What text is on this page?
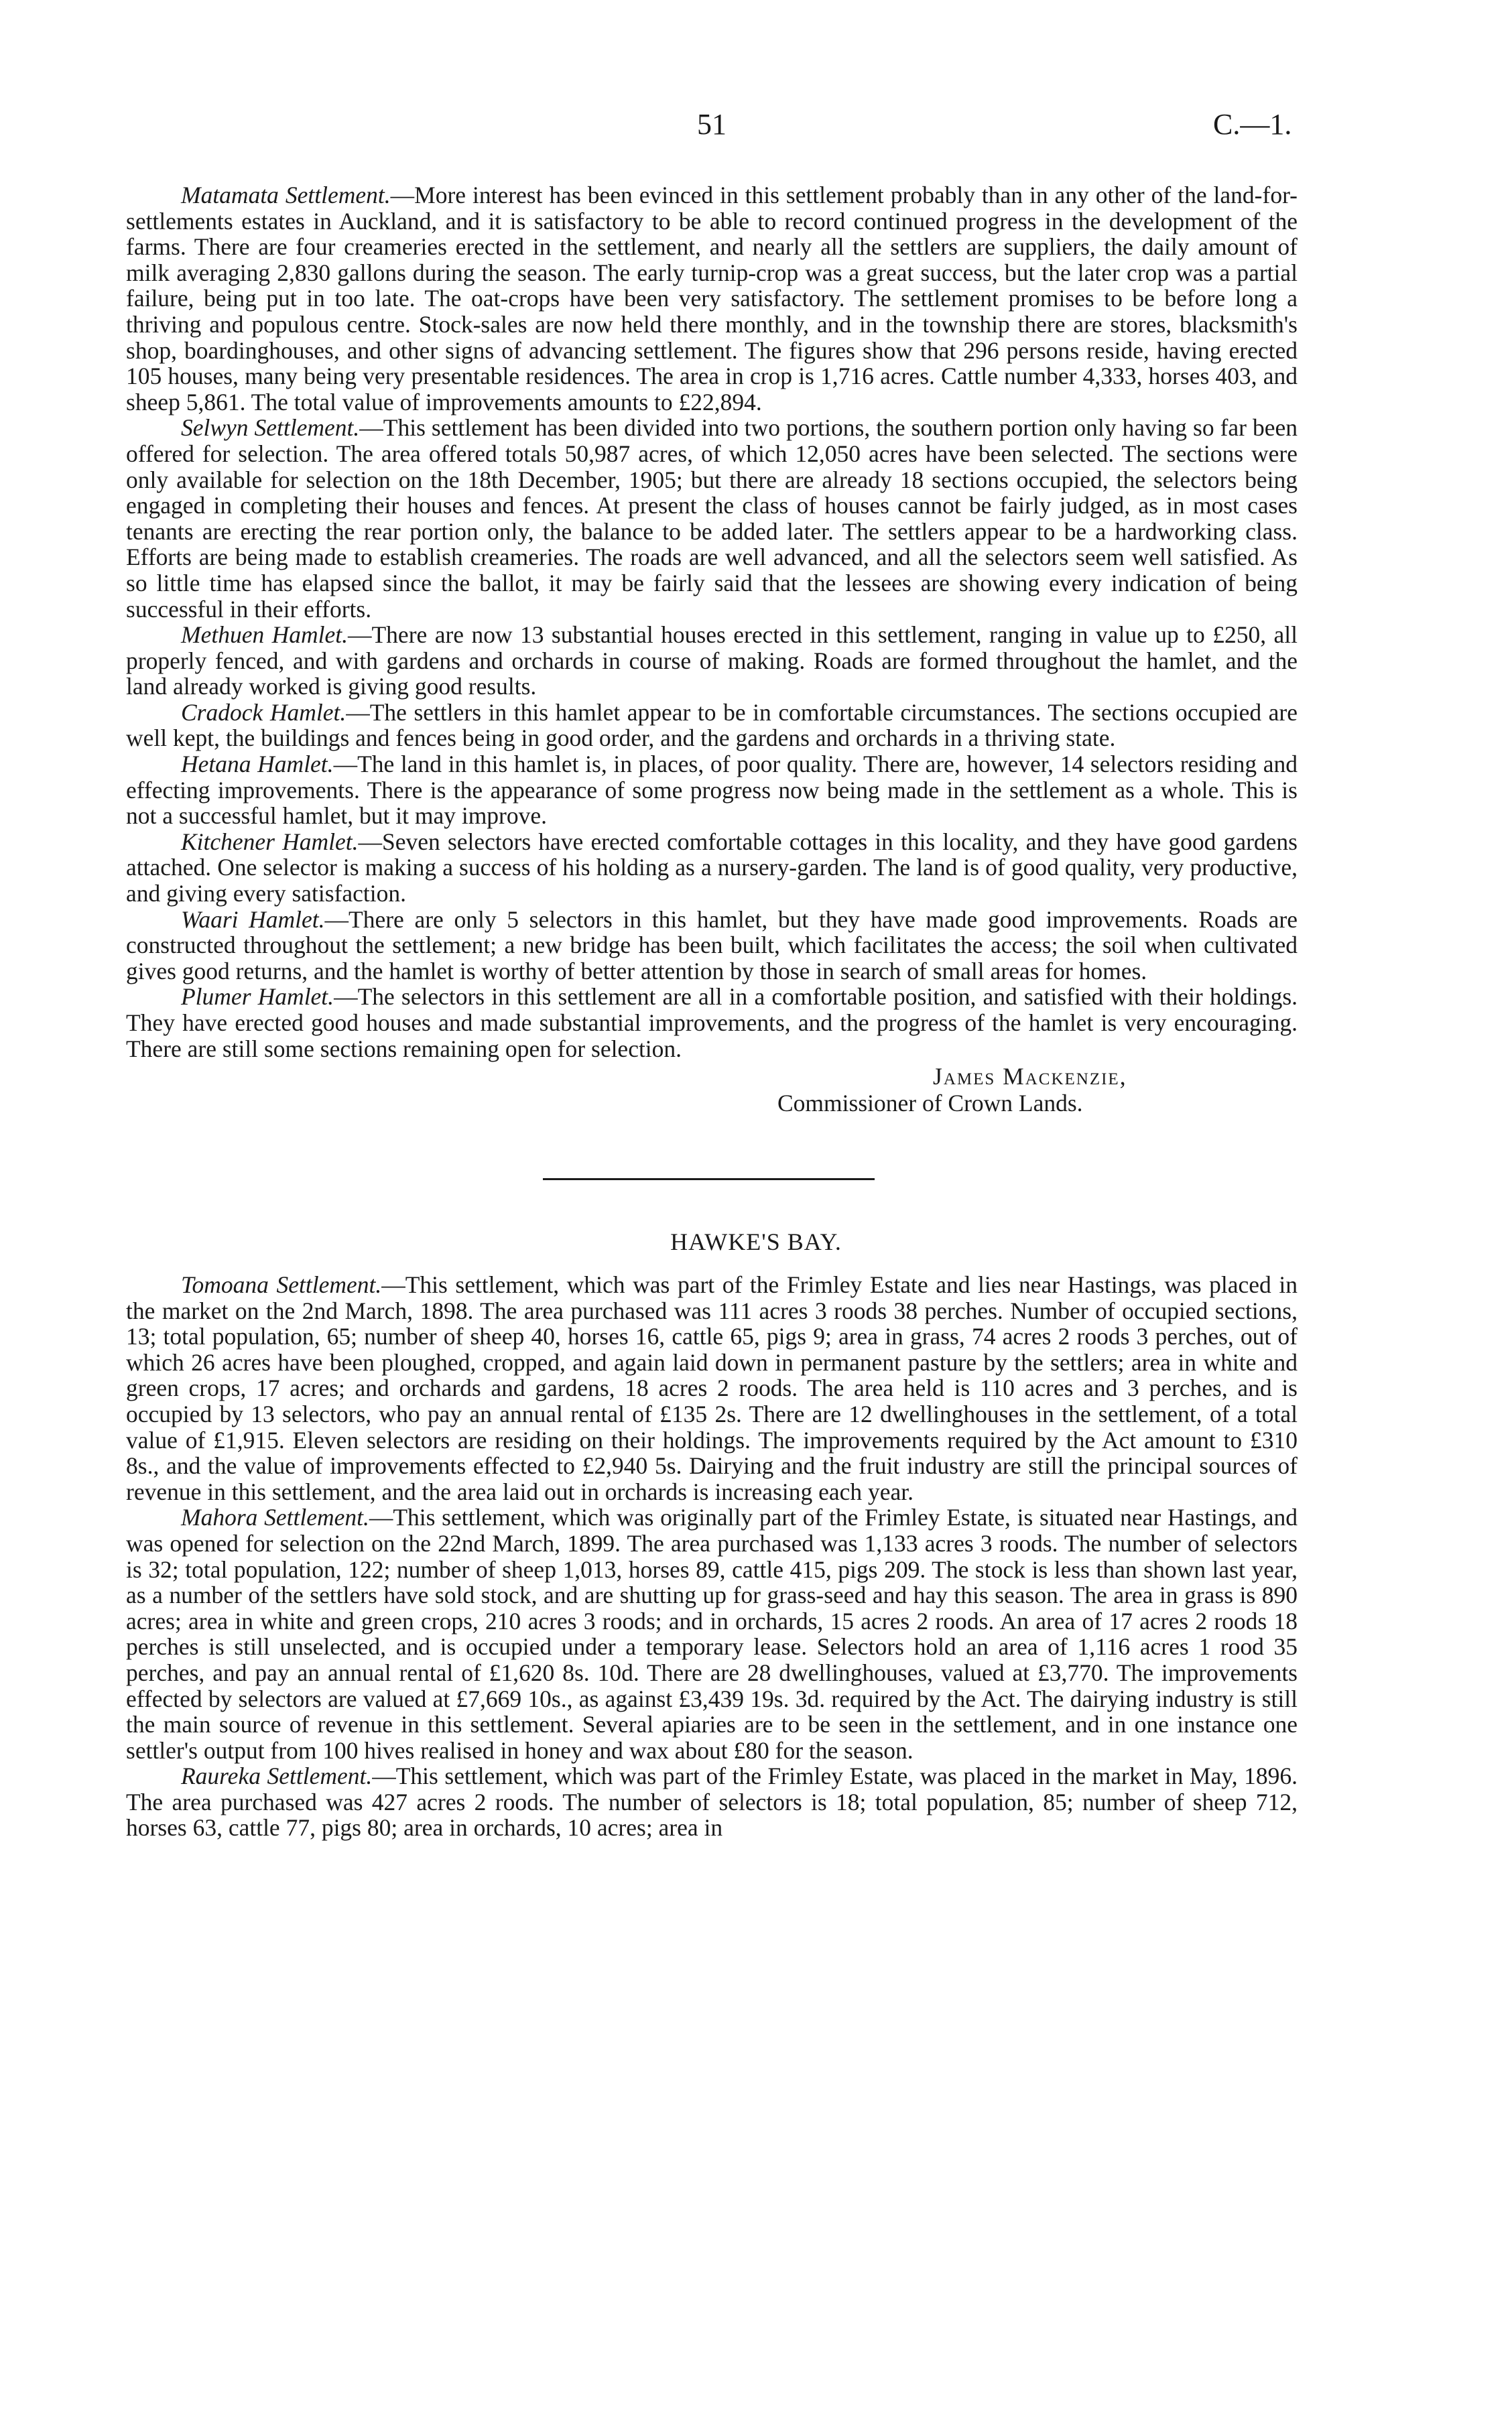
51	C.—1.

Matamata Settlement.—More interest has been evinced in this settlement probably than in any other of the land-for-settlements estates in Auckland, and it is satisfactory to be able to record continued progress in the development of the farms. There are four creameries erected in the settlement, and nearly all the settlers are suppliers, the daily amount of milk averaging 2,830 gallons during the season. The early turnip-crop was a great success, but the later crop was a partial failure, being put in too late. The oat-crops have been very satisfactory. The settlement promises to be before long a thriving and populous centre. Stock-sales are now held there monthly, and in the township there are stores, blacksmith's shop, boardinghouses, and other signs of advancing settlement. The figures show that 296 persons reside, having erected 105 houses, many being very presentable residences. The area in crop is 1,716 acres. Cattle number 4,333, horses 403, and sheep 5,861. The total value of improvements amounts to £22,894.

Selwyn Settlement.—This settlement has been divided into two portions, the southern portion only having so far been offered for selection. The area offered totals 50,987 acres, of which 12,050 acres have been selected. The sections were only available for selection on the 18th December, 1905; but there are already 18 sections occupied, the selectors being engaged in completing their houses and fences. At present the class of houses cannot be fairly judged, as in most cases tenants are erecting the rear portion only, the balance to be added later. The settlers appear to be a hardworking class. Efforts are being made to establish creameries. The roads are well advanced, and all the selectors seem well satisfied. As so little time has elapsed since the ballot, it may be fairly said that the lessees are showing every indication of being successful in their efforts.

Methuen Hamlet.—There are now 13 substantial houses erected in this settlement, ranging in value up to £250, all properly fenced, and with gardens and orchards in course of making. Roads are formed throughout the hamlet, and the land already worked is giving good results.

Cradock Hamlet.—The settlers in this hamlet appear to be in comfortable circumstances. The sections occupied are well kept, the buildings and fences being in good order, and the gardens and orchards in a thriving state.

Hetana Hamlet.—The land in this hamlet is, in places, of poor quality. There are, however, 14 selectors residing and effecting improvements. There is the appearance of some progress now being made in the settlement as a whole. This is not a successful hamlet, but it may improve.

Kitchener Hamlet.—Seven selectors have erected comfortable cottages in this locality, and they have good gardens attached. One selector is making a success of his holding as a nursery-garden. The land is of good quality, very productive, and giving every satisfaction.

Waari Hamlet.—There are only 5 selectors in this hamlet, but they have made good improvements. Roads are constructed throughout the settlement; a new bridge has been built, which facilitates the access; the soil when cultivated gives good returns, and the hamlet is worthy of better attention by those in search of small areas for homes.

Plumer Hamlet.—The selectors in this settlement are all in a comfortable position, and satisfied with their holdings. They have erected good houses and made substantial improvements, and the progress of the hamlet is very encouraging. There are still some sections remaining open for selection.

James Mackenzie,
Commissioner of Crown Lands.
HAWKE'S BAY.

Tomoana Settlement.—This settlement, which was part of the Frimley Estate and lies near Hastings, was placed in the market on the 2nd March, 1898. The area purchased was 111 acres 3 roods 38 perches. Number of occupied sections, 13; total population, 65; number of sheep 40, horses 16, cattle 65, pigs 9; area in grass, 74 acres 2 roods 3 perches, out of which 26 acres have been ploughed, cropped, and again laid down in permanent pasture by the settlers; area in white and green crops, 17 acres; and orchards and gardens, 18 acres 2 roods. The area held is 110 acres and 3 perches, and is occupied by 13 selectors, who pay an annual rental of £135 2s. There are 12 dwellinghouses in the settlement, of a total value of £1,915. Eleven selectors are residing on their holdings. The improvements required by the Act amount to £310 8s., and the value of improvements effected to £2,940 5s. Dairying and the fruit industry are still the principal sources of revenue in this settlement, and the area laid out in orchards is increasing each year.

Mahora Settlement.—This settlement, which was originally part of the Frimley Estate, is situated near Hastings, and was opened for selection on the 22nd March, 1899. The area purchased was 1,133 acres 3 roods. The number of selectors is 32; total population, 122; number of sheep 1,013, horses 89, cattle 415, pigs 209. The stock is less than shown last year, as a number of the settlers have sold stock, and are shutting up for grass-seed and hay this season. The area in grass is 890 acres; area in white and green crops, 210 acres 3 roods; and in orchards, 15 acres 2 roods. An area of 17 acres 2 roods 18 perches is still unselected, and is occupied under a temporary lease. Selectors hold an area of 1,116 acres 1 rood 35 perches, and pay an annual rental of £1,620 8s. 10d. There are 28 dwellinghouses, valued at £3,770. The improvements effected by selectors are valued at £7,669 10s., as against £3,439 19s. 3d. required by the Act. The dairying industry is still the main source of revenue in this settlement. Several apiaries are to be seen in the settlement, and in one instance one settler's output from 100 hives realised in honey and wax about £80 for the season.

Raureka Settlement.—This settlement, which was part of the Frimley Estate, was placed in the market in May, 1896. The area purchased was 427 acres 2 roods. The number of selectors is 18; total population, 85; number of sheep 712, horses 63, cattle 77, pigs 80; area in orchards, 10 acres; area in
